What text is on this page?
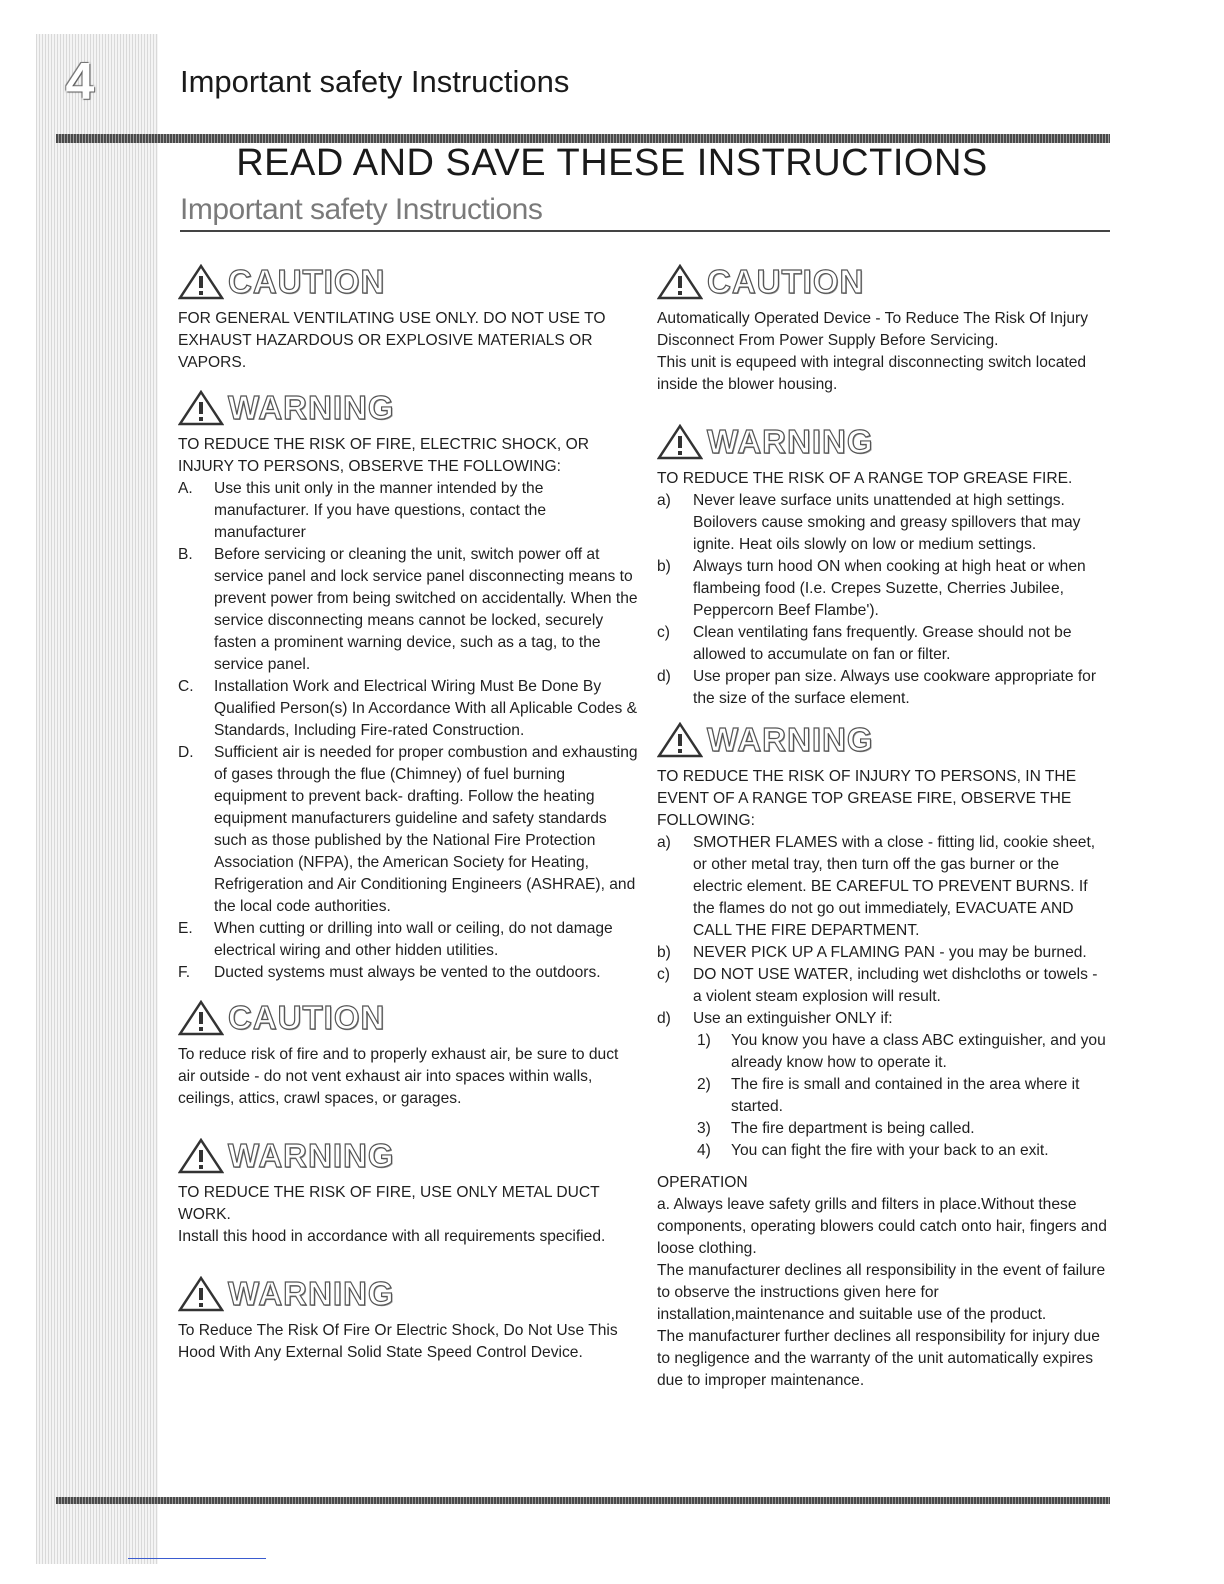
4	Important safety Instructions
READ AND SAVE THESE INSTRUCTIONS
Important safety Instructions
CAUTION
FOR GENERAL VENTILATING USE ONLY. DO NOT USE TO EXHAUST HAZARDOUS OR EXPLOSIVE MATERIALS OR VAPORS.
WARNING
TO REDUCE THE RISK OF FIRE, ELECTRIC SHOCK, OR INJURY TO PERSONS, OBSERVE THE FOLLOWING:
A.	Use this unit only in the manner intended by the manufacturer. If you have questions, contact the manufacturer
B.	Before servicing or cleaning the unit, switch power off at service panel and lock service panel disconnecting means to prevent power from being switched on accidentally. When the service disconnecting means cannot be locked, securely fasten a prominent warning device, such as a tag, to the service panel.
C.	Installation Work and Electrical Wiring Must Be Done By Qualified Person(s) In Accordance With all Aplicable Codes & Standards, Including Fire-rated Construction.
D.	Sufficient air is needed for proper combustion and exhausting of gases through the flue (Chimney) of fuel burning equipment to prevent back- drafting. Follow the heating equipment manufacturers guideline and safety standards such as those published by the National Fire Protection Association (NFPA), the American Society for Heating, Refrigeration and Air Conditioning Engineers (ASHRAE), and the local code authorities.
E.	When cutting or drilling into wall or ceiling, do not damage electrical wiring and other hidden utilities.
F.	Ducted systems must always be vented to the outdoors.
CAUTION
To reduce risk of fire and to properly exhaust air, be sure to duct air outside - do not vent exhaust air into spaces within walls, ceilings, attics, crawl spaces, or garages.
WARNING
TO REDUCE THE RISK OF FIRE, USE ONLY METAL DUCT WORK.
Install this hood in accordance with all requirements specified.
WARNING
To Reduce The Risk Of Fire Or Electric Shock, Do Not Use This Hood With Any External Solid State Speed Control Device.
CAUTION
Automatically Operated Device - To Reduce The Risk Of Injury Disconnect From Power Supply Before Servicing.
This unit is equpeed with integral disconnecting switch located inside the blower housing.
WARNING
TO REDUCE THE RISK OF A RANGE TOP GREASE FIRE.
a)	Never leave surface units unattended at high settings. Boilovers cause smoking and greasy spillovers that may ignite. Heat oils slowly on low or medium settings.
b)	Always turn hood ON when cooking at high heat or when flambeing food (I.e. Crepes Suzette, Cherries Jubilee, Peppercorn Beef Flambe').
c)	Clean ventilating fans frequently. Grease should not be allowed to accumulate on fan or filter.
d)	Use proper pan size. Always use cookware appropriate for the size of the surface element.
WARNING
TO REDUCE THE RISK OF INJURY TO PERSONS, IN THE EVENT OF A RANGE TOP GREASE FIRE, OBSERVE THE FOLLOWING:
a)	SMOTHER FLAMES with a close - fitting lid, cookie sheet, or other metal tray, then turn off the gas burner or the electric element. BE CAREFUL TO PREVENT BURNS. If the flames do not go out immediately, EVACUATE AND CALL THE FIRE DEPARTMENT.
b)	NEVER PICK UP A FLAMING PAN - you may be burned.
c)	DO NOT USE WATER, including wet dishcloths or towels - a violent steam explosion will result.
d)	Use an extinguisher ONLY if:
1)	You know you have a class ABC extinguisher, and you already know how to operate it.
2)	The fire is small and contained in the area where it started.
3)	The fire department is being called.
4)	You can fight the fire with your back to an exit.

OPERATION

a. Always leave safety grills and filters in place.Without these components, operating blowers could catch onto hair, fingers and loose clothing.

The manufacturer declines all responsibility in the event of failure to observe the instructions given here for installation,maintenance and suitable use of the product.

The manufacturer further declines all responsibility for injury due to negligence and the warranty of the unit automatically expires due to improper maintenance.
